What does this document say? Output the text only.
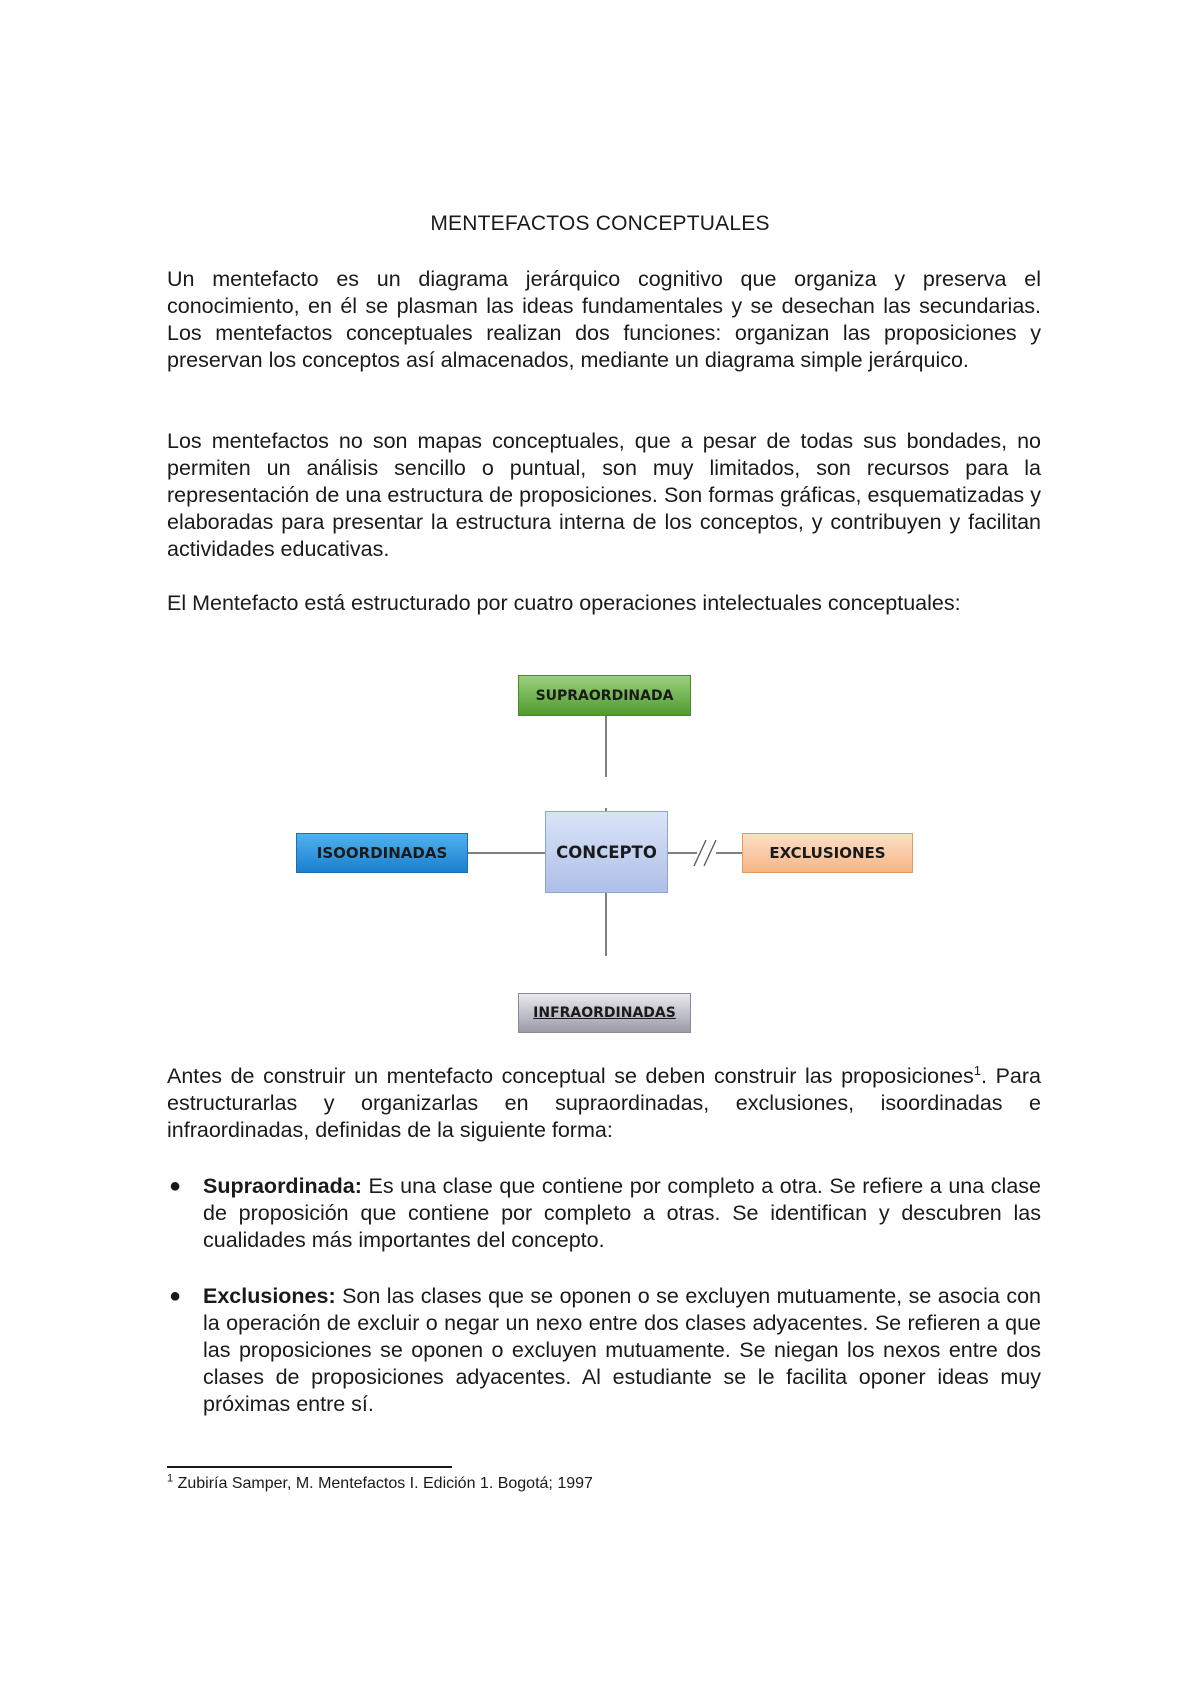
MENTEFACTOS CONCEPTUALES

Un mentefacto es un diagrama jerárquico cognitivo que organiza y preserva el conocimiento, en él se plasman las ideas fundamentales y se desechan las secundarias. Los mentefactos conceptuales realizan dos funciones: organizan las proposiciones y preservan los conceptos así almacenados, mediante un diagrama simple jerárquico.

Los mentefactos no son mapas conceptuales, que a pesar de todas sus bondades, no permiten un análisis sencillo o puntual, son muy limitados, son recursos para la representación de una estructura de proposiciones. Son formas gráficas, esquematizadas y elaboradas para presentar la estructura interna de los conceptos, y contribuyen y facilitan actividades educativas.

El Mentefacto está estructurado por cuatro operaciones intelectuales conceptuales:

SUPRAORDINADA
ISOORDINADAS	CONCEPTO	EXCLUSIONES
INFRAORDINADAS

Antes de construir un mentefacto conceptual se deben construir las proposiciones$^1$. Para estructurarlas y organizarlas en supraordinadas, exclusiones, isoordinadas e infraordinadas, definidas de la siguiente forma:

● Supraordinada: Es una clase que contiene por completo a otra. Se refiere a una clase de proposición que contiene por completo a otras. Se identifican y descubren las cualidades más importantes del concepto.
● Exclusiones: Son las clases que se oponen o se excluyen mutuamente, se asocia con la operación de excluir o negar un nexo entre dos clases adyacentes. Se refieren a que las proposiciones se oponen o excluyen mutuamente. Se niegan los nexos entre dos clases de proposiciones adyacentes. Al estudiante se le facilita oponer ideas muy próximas entre sí.
$^1$ Zubiría Samper, M. Mentefactos I. Edición 1. Bogotá; 1997
